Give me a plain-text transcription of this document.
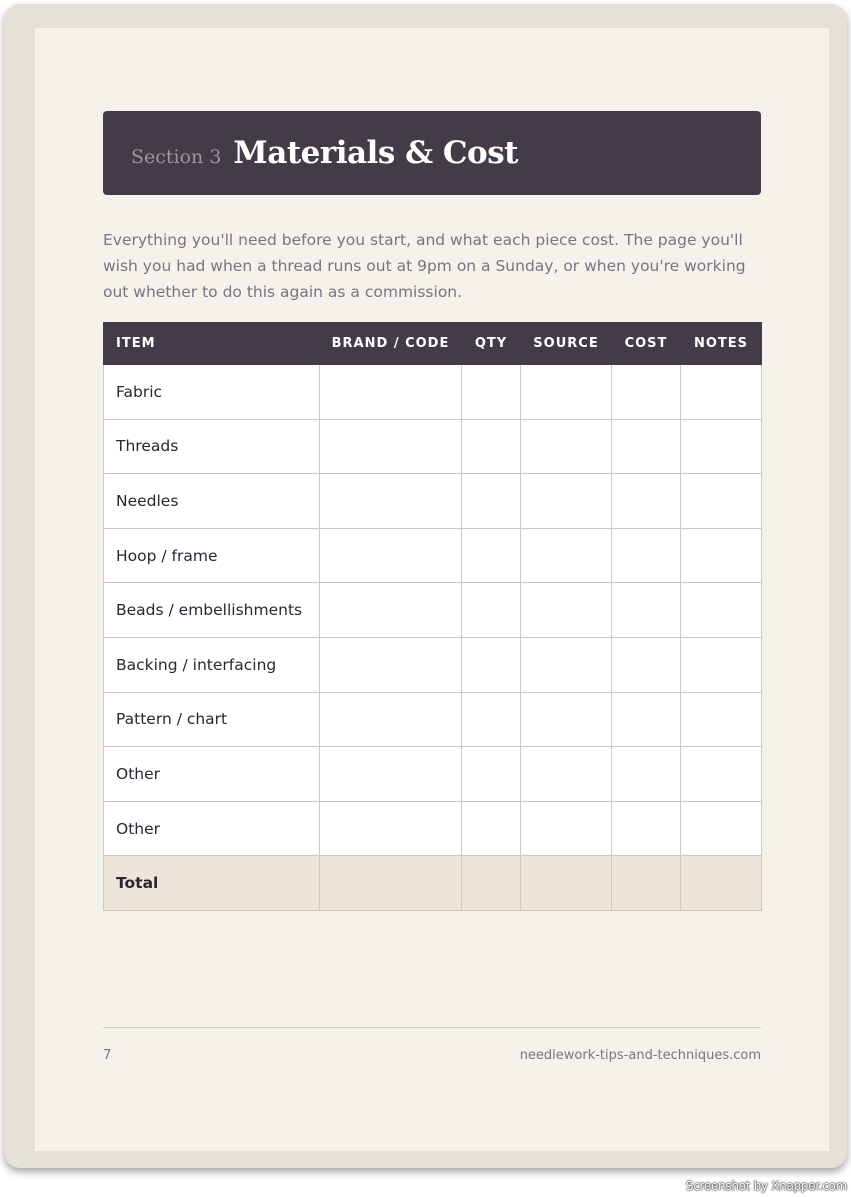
Section 3 Materials & Cost

Everything you'll need before you start, and what each piece cost. The page you'll wish you had when a thread runs out at 9pm on a Sunday, or when you're working out whether to do this again as a commission.

ITEM	BRAND / CODE	QTY	SOURCE	COST	NOTES
Fabric					
Threads					
Needles					
Hoop / frame					
Beads / embellishments					
Backing / interfacing					
Pattern / chart					
Other					
Other					
Total					
7	needlework-tips-and-techniques.com
Screenshot by Xnapper.com
